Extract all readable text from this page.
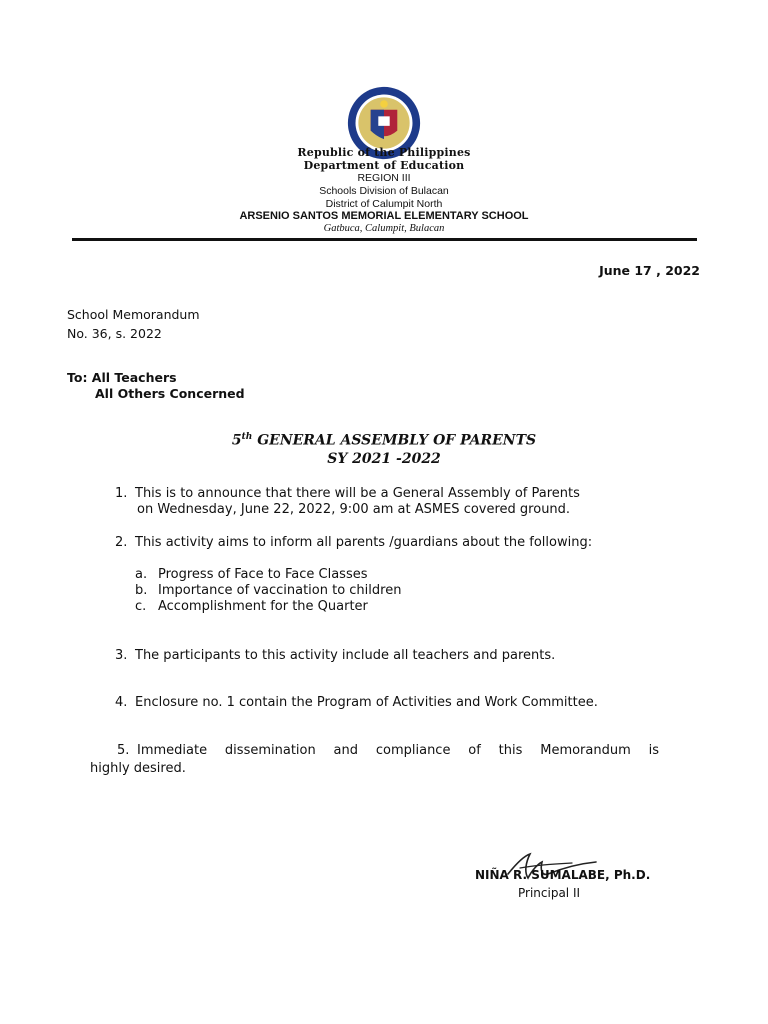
Republic of the Philippines
Department of Education
REGION III
Schools Division of Bulacan
District of Calumpit North
ARSENIO SANTOS MEMORIAL ELEMENTARY SCHOOL
Gatbuca, Calumpit, Bulacan
June 17 , 2022
School Memorandum
No. 36, s. 2022
To: All Teachers
All Others Concerned
5th GENERAL ASSEMBLY OF PARENTS
SY 2021 -2022
1. This is to announce that there will be a General Assembly of Parents
on Wednesday, June 22, 2022, 9:00 am at ASMES covered ground.
2. This activity aims to inform all parents /guardians about the following:
a. Progress of Face to Face Classes
b. Importance of vaccination to children
c. Accomplishment for the Quarter
3. The participants to this activity include all teachers and parents.
4. Enclosure no. 1 contain the Program of Activities and Work Committee.
5. Immediate dissemination and compliance of this Memorandum is
highly desired.
NIÑA R. SUMALABE, Ph.D.
Principal II
